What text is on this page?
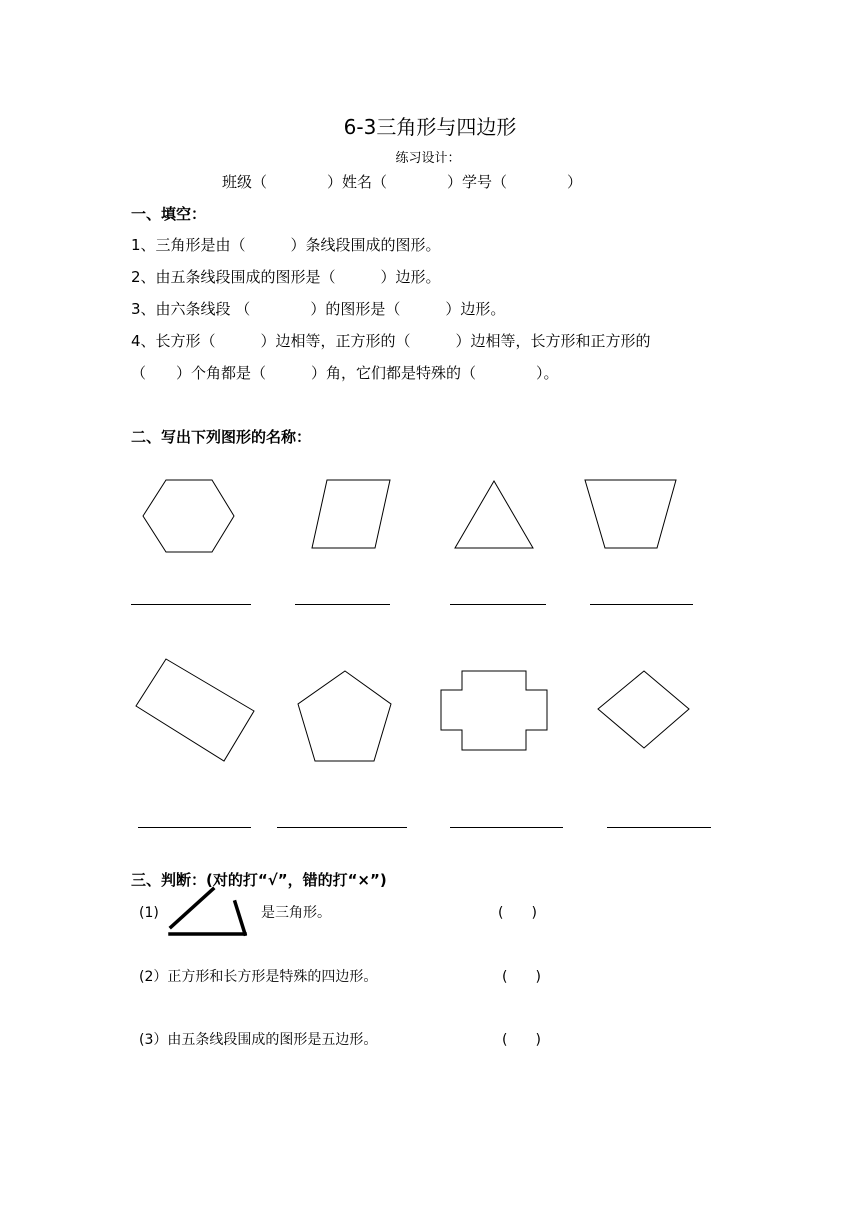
6-3三角形与四边形
练习设计：
班级（　　　　）姓名（　　　　）学号（　　　　）
一、填空：
1、三角形是由（　　　）条线段围成的图形。
2、由五条线段围成的图形是（　　　）边形。
3、由六条线段 （　　　　）的图形是（　　　）边形。
4、长方形（　　　）边相等，正方形的（　　　）边相等，长方形和正方形的
（　　）个角都是（　　　）角，它们都是特殊的（　　　　）。
二、写出下列图形的名称：
三、判断：(对的打“√”，错的打“×”)
(1)	是三角形。	(　　)
(2）正方形和长方形是特殊的四边形。	(　　)
(3）由五条线段围成的图形是五边形。	(　　)
